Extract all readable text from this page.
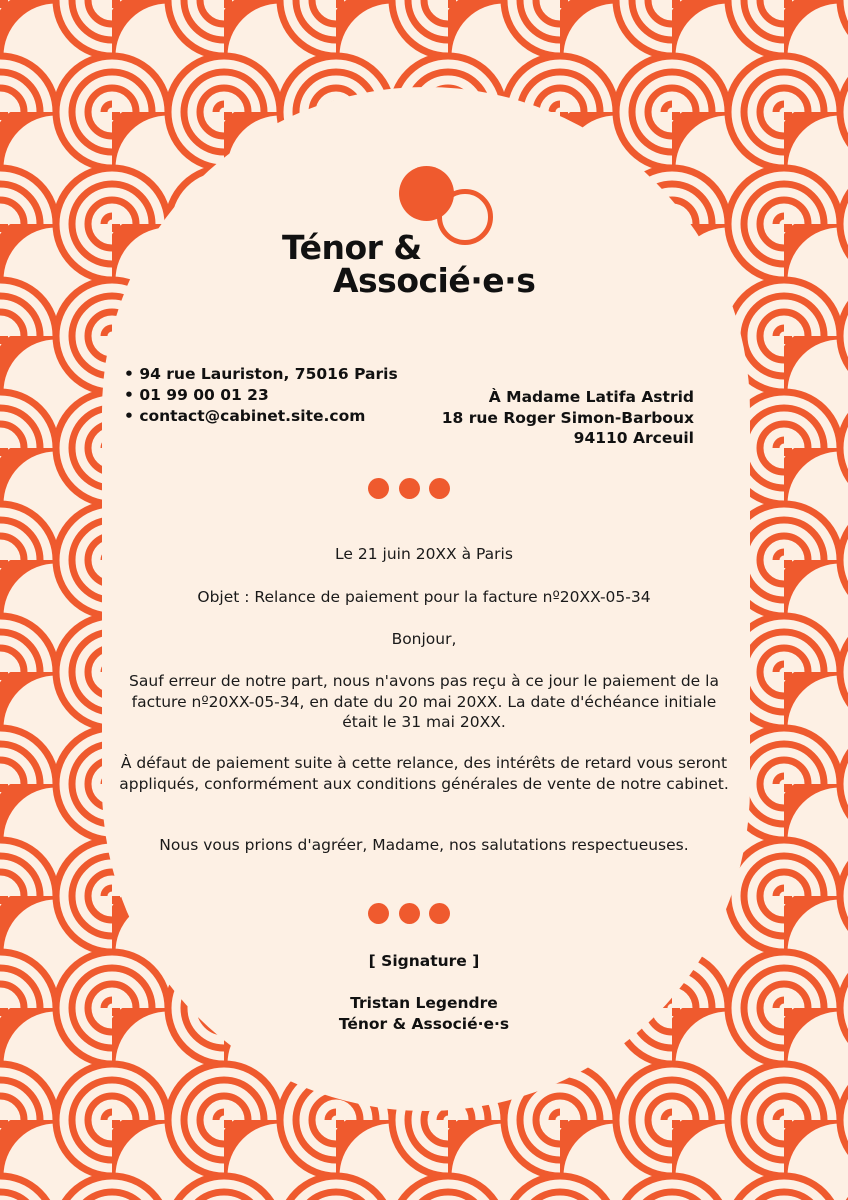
Ténor &
Associé·e·s
• 94 rue Lauriston, 75016 Paris
• 01 99 00 01 23
• contact@cabinet.site.com
À Madame Latifa Astrid
18 rue Roger Simon-Barboux
94110 Arceuil

Le 21 juin 20XX à Paris

Objet : Relance de paiement pour la facture nº20XX-05-34

Bonjour,

Sauf erreur de notre part, nous n'avons pas reçu à ce jour le paiement de la facture nº20XX-05-34, en date du 20 mai 20XX. La date d'échéance initiale était le 31 mai 20XX.

À défaut de paiement suite à cette relance, des intérêts de retard vous seront appliqués, conformément aux conditions générales de vente de notre cabinet.

Nous vous prions d'agréer, Madame, nos salutations respectueuses.

[ Signature ]
Tristan Legendre
Ténor & Associé·e·s
